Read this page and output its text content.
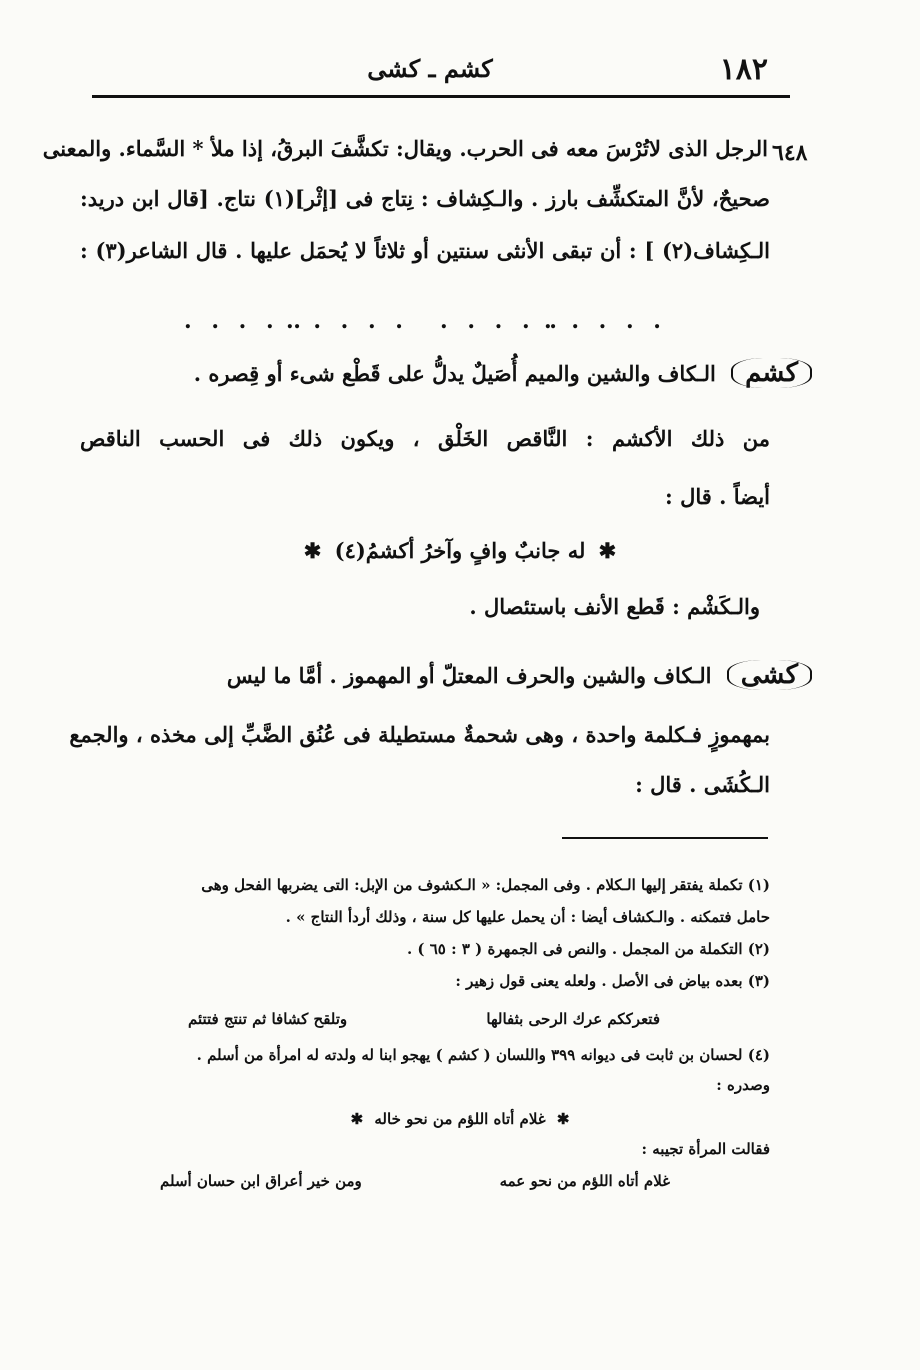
١٨٢
كشم ـ كشى
٦٤٨
الرجل الذى لاتُرْسَ معه فى الحرب. ويقال: تكشَّفَ البرقُ، إذا ملأ * السَّماء. والمعنى
صحيحٌ، لأنَّ المتكشِّف بارز . والـكِشاف : نِتاج فى [إثْر](١) نتاج. [قال ابن دريد:
الـكِشاف(٢) ] : أن تبقى الأنثى سنتين أو ثلاثاً لا يُحمَل عليها . قال الشاعر(٣) :
. . . . .
. . . . . . . . . .
. . . . .
كشم الـكاف والشين والميم أُصَيلٌ يدلُّ على قَطْع شىء أو قِصره .
من ذلك الأكشم : النَّاقص الخَلْق ، ويكون ذلك فى الحسب الناقص
أيضاً . قال :
✱ له جانبٌ وافٍ وآخرُ أكشمُ(٤) ✱
والـكَشْم : قَطع الأنف باستئصال .
كشى الـكاف والشين والحرف المعتلّ أو المهموز . أمَّا ما ليس
بمهموزٍ فـكلمة واحدة ، وهى شحمةٌ مستطيلة فى عُنُق الضَّبِّ إلى مخذه ، والجمع
الـكُشَى . قال :
(١) تكملة يفتقر إليها الـكلام . وفى المجمل: « الـكشوف من الإبل: التى يضربها الفحل وهى
حامل فتمكنه . والـكشاف أيضا : أن يحمل عليها كل سنة ، وذلك أردأ النتاج » .
(٢) التكملة من المجمل . والنص فى الجمهرة ( ٣ : ٦٥ ) .
(٣) بعده بياض فى الأصل . ولعله يعنى قول زهير :
فتعرككم عرك الرحى بثفالها
وتلقح كشافا ثم تنتج فتتئم
(٤) لحسان بن ثابت فى ديوانه ٣٩٩ واللسان ( كشم ) يهجو ابنا له ولدته له امرأة من أسلم .
وصدره :
✱ غلام أتاه اللؤم من نحو خاله ✱
فقالت المرأة تجيبه :
غلام أتاه اللؤم من نحو عمه
ومن خير أعراق ابن حسان أسلم
